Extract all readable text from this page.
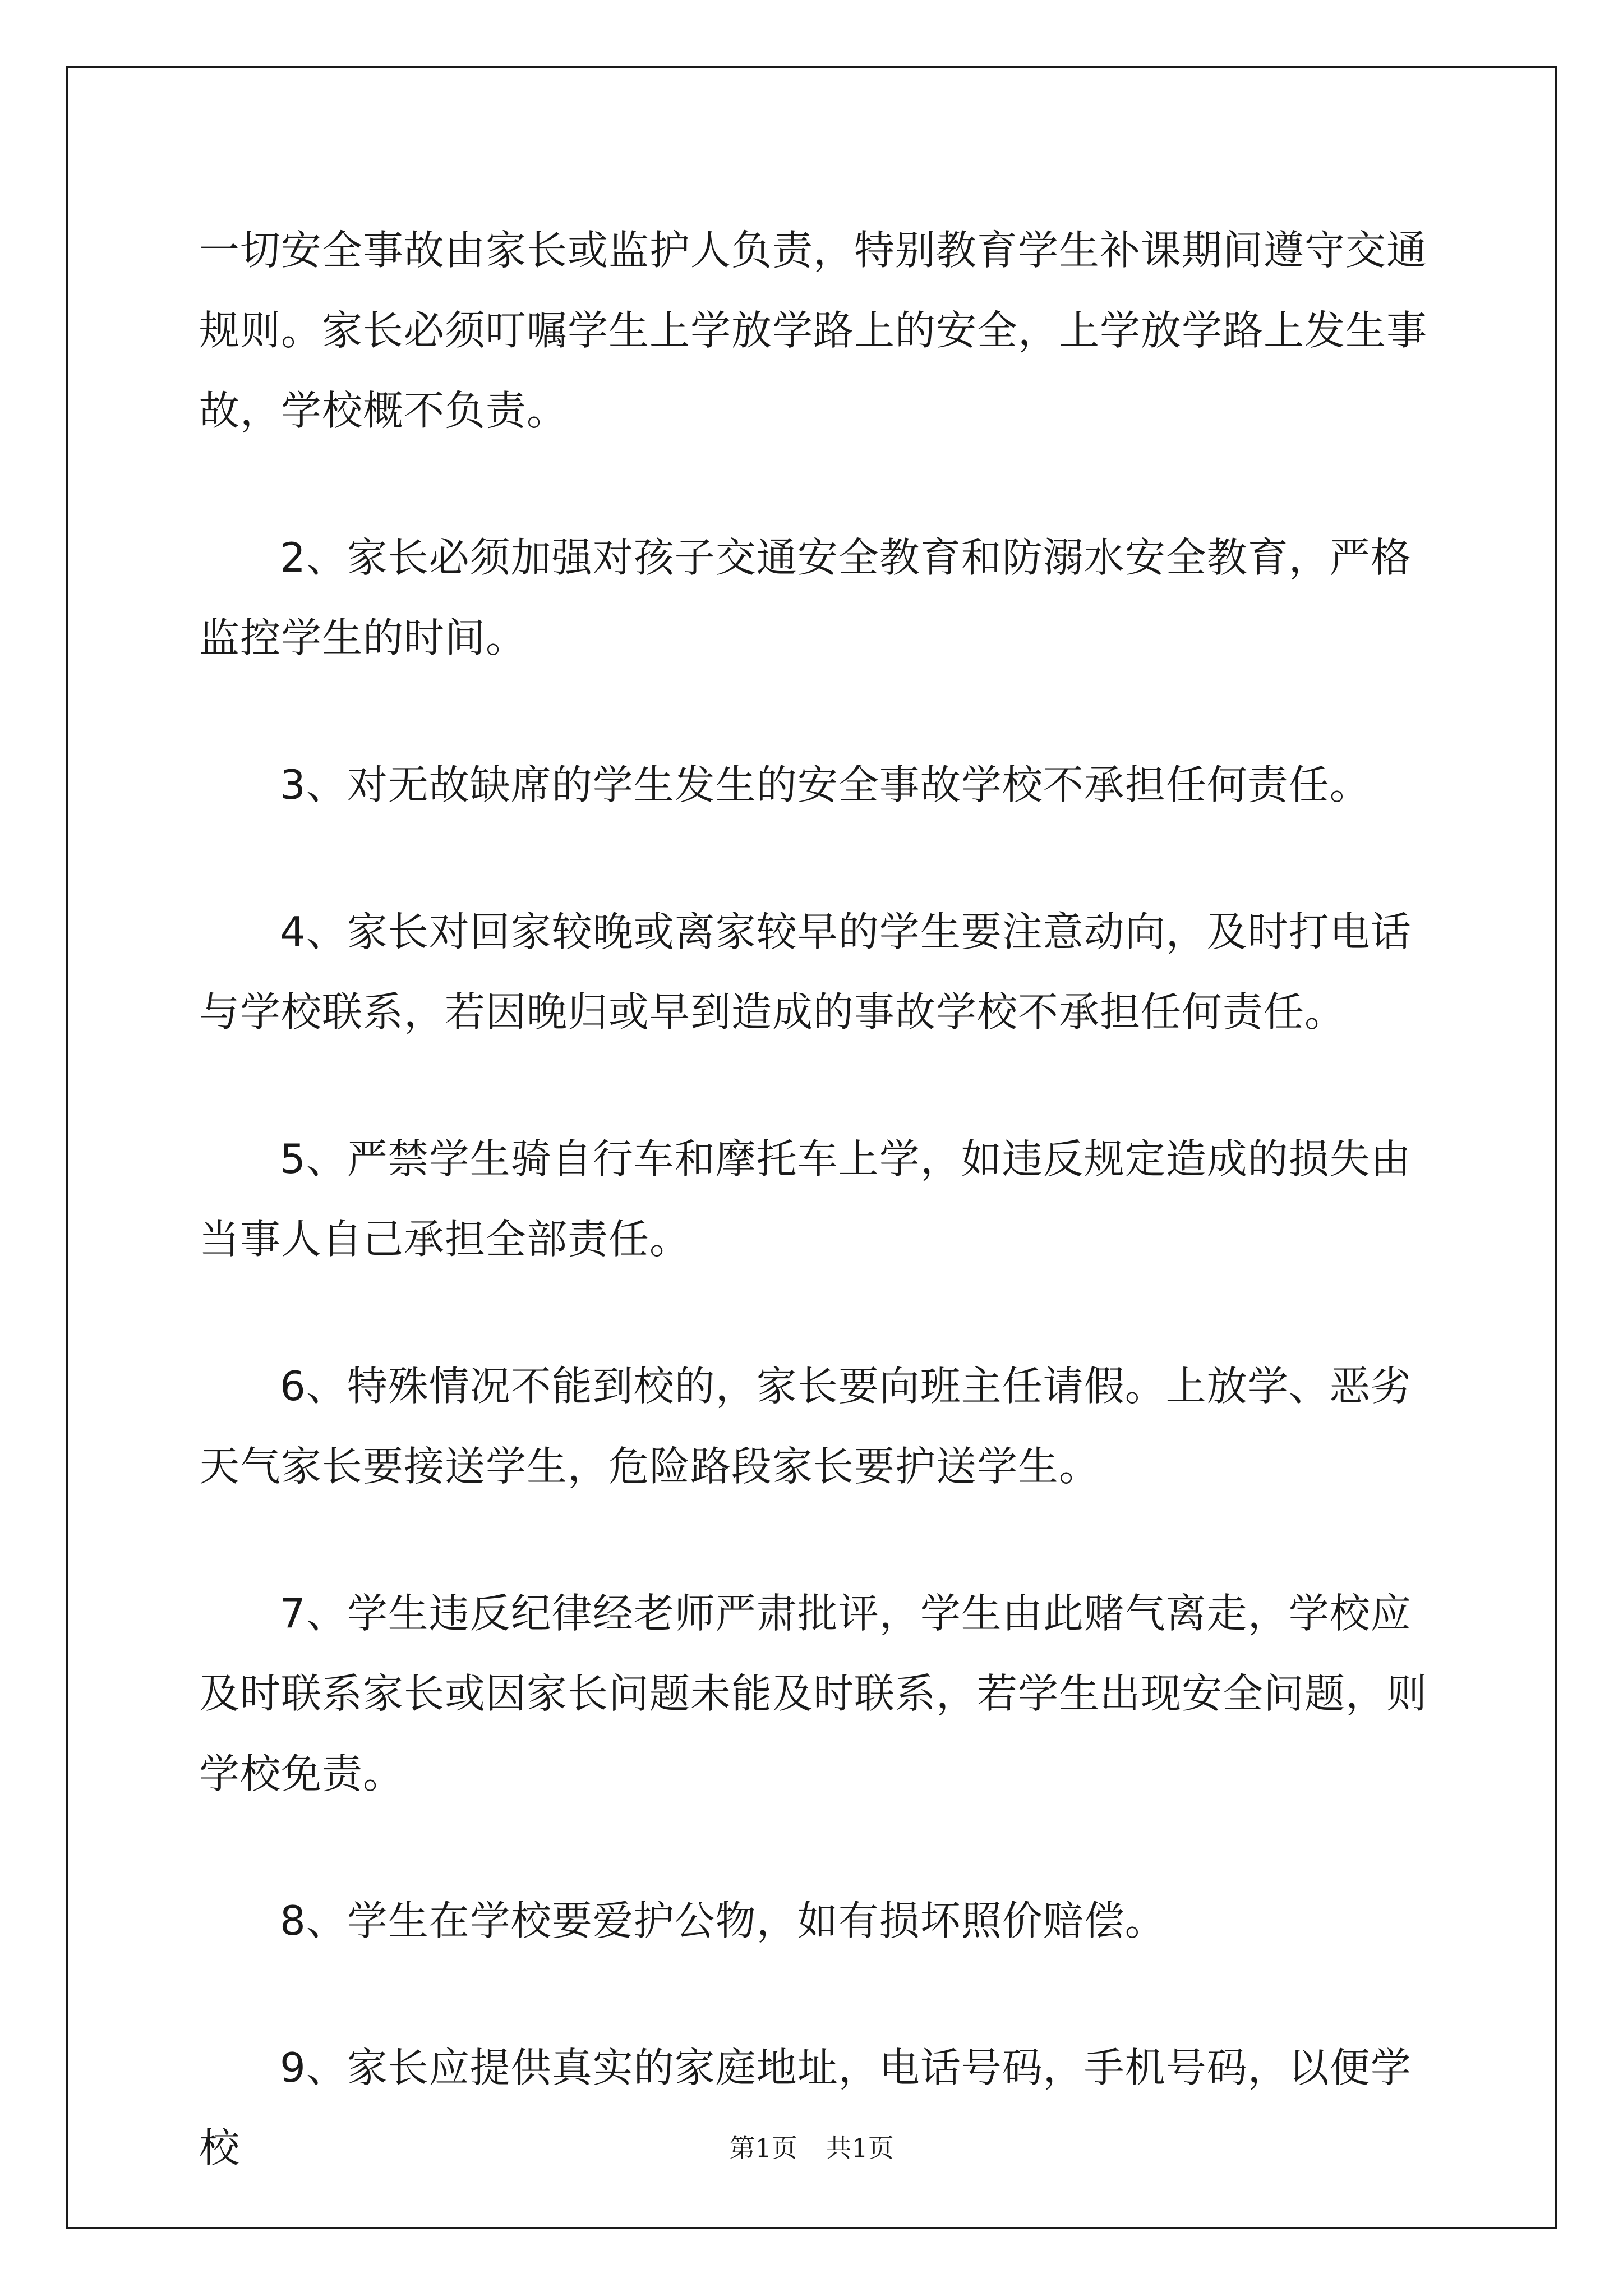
一切安全事故由家长或监护人负责，特别教育学生补课期间遵守交通规则。家长必须叮嘱学生上学放学路上的安全，上学放学路上发生事故，学校概不负责。

2、家长必须加强对孩子交通安全教育和防溺水安全教育，严格监控学生的时间。

3、对无故缺席的学生发生的安全事故学校不承担任何责任。

4、家长对回家较晚或离家较早的学生要注意动向，及时打电话与学校联系，若因晚归或早到造成的事故学校不承担任何责任。

5、严禁学生骑自行车和摩托车上学，如违反规定造成的损失由当事人自己承担全部责任。

6、特殊情况不能到校的，家长要向班主任请假。上放学、恶劣天气家长要接送学生，危险路段家长要护送学生。

7、学生违反纪律经老师严肃批评，学生由此赌气离走，学校应及时联系家长或因家长问题未能及时联系，若学生出现安全问题，则学校免责。

8、学生在学校要爱护公物，如有损坏照价赔偿。

9、家长应提供真实的家庭地址，电话号码，手机号码，以便学校	第1页 共1页
